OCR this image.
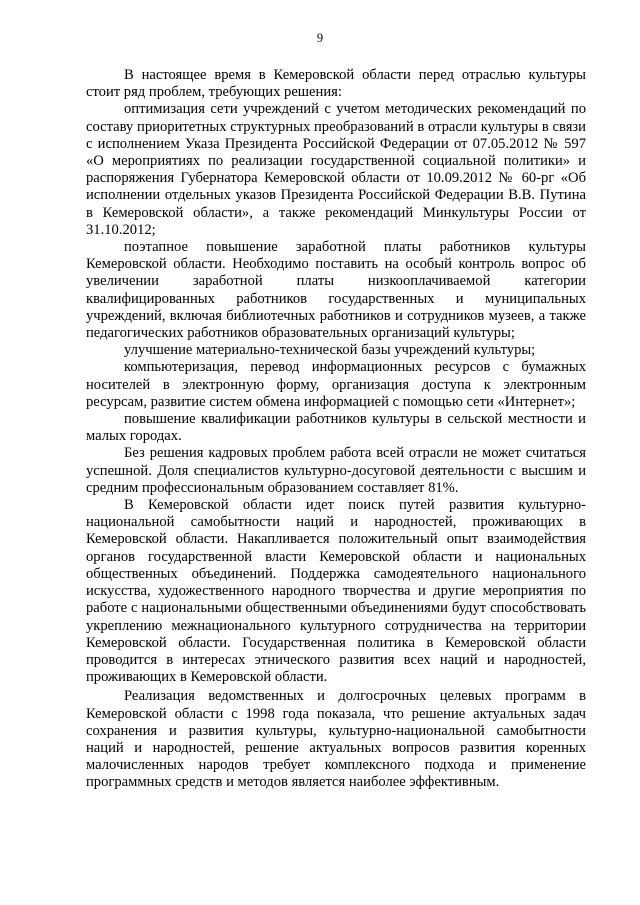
9

В настоящее время в Кемеровской области перед отраслью культуры стоит ряд проблем, требующих решения:

оптимизация сети учреждений с учетом методических рекомендаций по составу приоритетных структурных преобразований в отрасли культуры в связи с исполнением Указа Президента Российской Федерации от 07.05.2012 № 597 «О мероприятиях по реализации государственной социальной политики» и распоряжения Губернатора Кемеровской области от 10.09.2012 № 60-рг «Об исполнении отдельных указов Президента Российской Федерации В.В. Путина в Кемеровской области», а также рекомендаций Минкультуры России от 31.10.2012;

поэтапное повышение заработной платы работников культуры Кемеровской области. Необходимо поставить на особый контроль вопрос об увеличении заработной платы низкооплачиваемой категории квалифицированных работников государственных и муниципальных учреждений, включая библиотечных работников и сотрудников музеев, а также педагогических работников образовательных организаций культуры;

улучшение материально-технической базы учреждений культуры;

компьютеризация, перевод информационных ресурсов с бумажных носителей в электронную форму, организация доступа к электронным ресурсам, развитие систем обмена информацией с помощью сети «Интернет»;

повышение квалификации работников культуры в сельской местности и малых городах.

Без решения кадровых проблем работа всей отрасли не может считаться успешной. Доля специалистов культурно-досуговой деятельности с высшим и средним профессиональным образованием составляет 81%.

В Кемеровской области идет поиск путей развития культурно-национальной самобытности наций и народностей, проживающих в Кемеровской области. Накапливается положительный опыт взаимодействия органов государственной власти Кемеровской области и национальных общественных объединений. Поддержка самодеятельного национального искусства, художественного народного творчества и другие мероприятия по работе с национальными общественными объединениями будут способствовать укреплению межнационального культурного сотрудничества на территории Кемеровской области. Государственная политика в Кемеровской области проводится в интересах этнического развития всех наций и народностей, проживающих в Кемеровской области.

Реализация ведомственных и долгосрочных целевых программ в Кемеровской области с 1998 года показала, что решение актуальных задач сохранения и развития культуры, культурно-национальной самобытности наций и народностей, решение актуальных вопросов развития коренных малочисленных народов требует комплексного подхода и применение программных средств и методов является наиболее эффективным.
